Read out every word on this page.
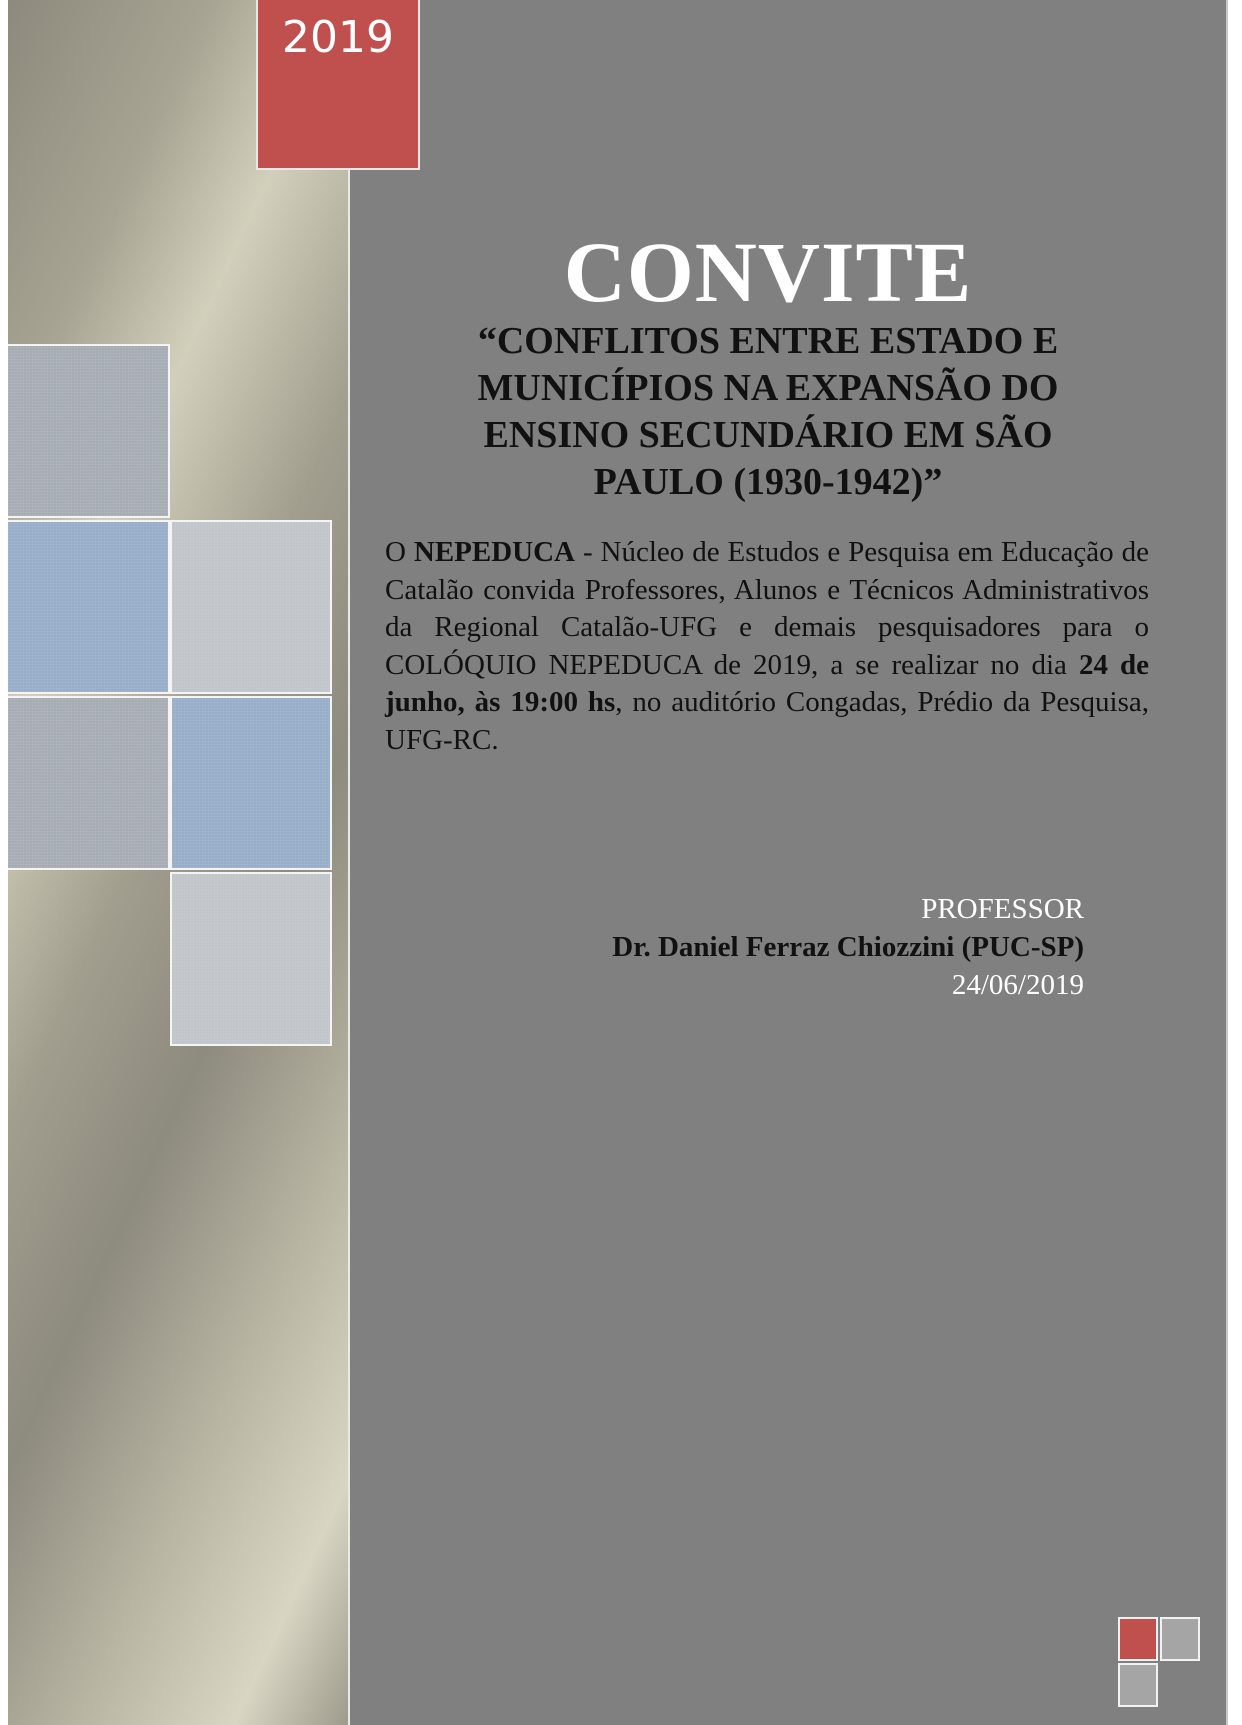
2019
CONVITE
“CONFLITOS ENTRE ESTADO E
MUNICÍPIOS NA EXPANSÃO DO
ENSINO SECUNDÁRIO EM SÃO
PAULO (1930-1942)”

O NEPEDUCA - Núcleo de Estudos e Pesquisa em Educação de Catalão convida Professores, Alunos e Técnicos Administrativos da Regional Catalão-UFG e demais pesquisadores para o COLÓQUIO NEPEDUCA de 2019, a se realizar no dia 24 de junho, às 19:00 hs, no auditório Congadas, Prédio da Pesquisa, UFG-RC.

PROFESSOR
Dr. Daniel Ferraz Chiozzini (PUC-SP)
24/06/2019
